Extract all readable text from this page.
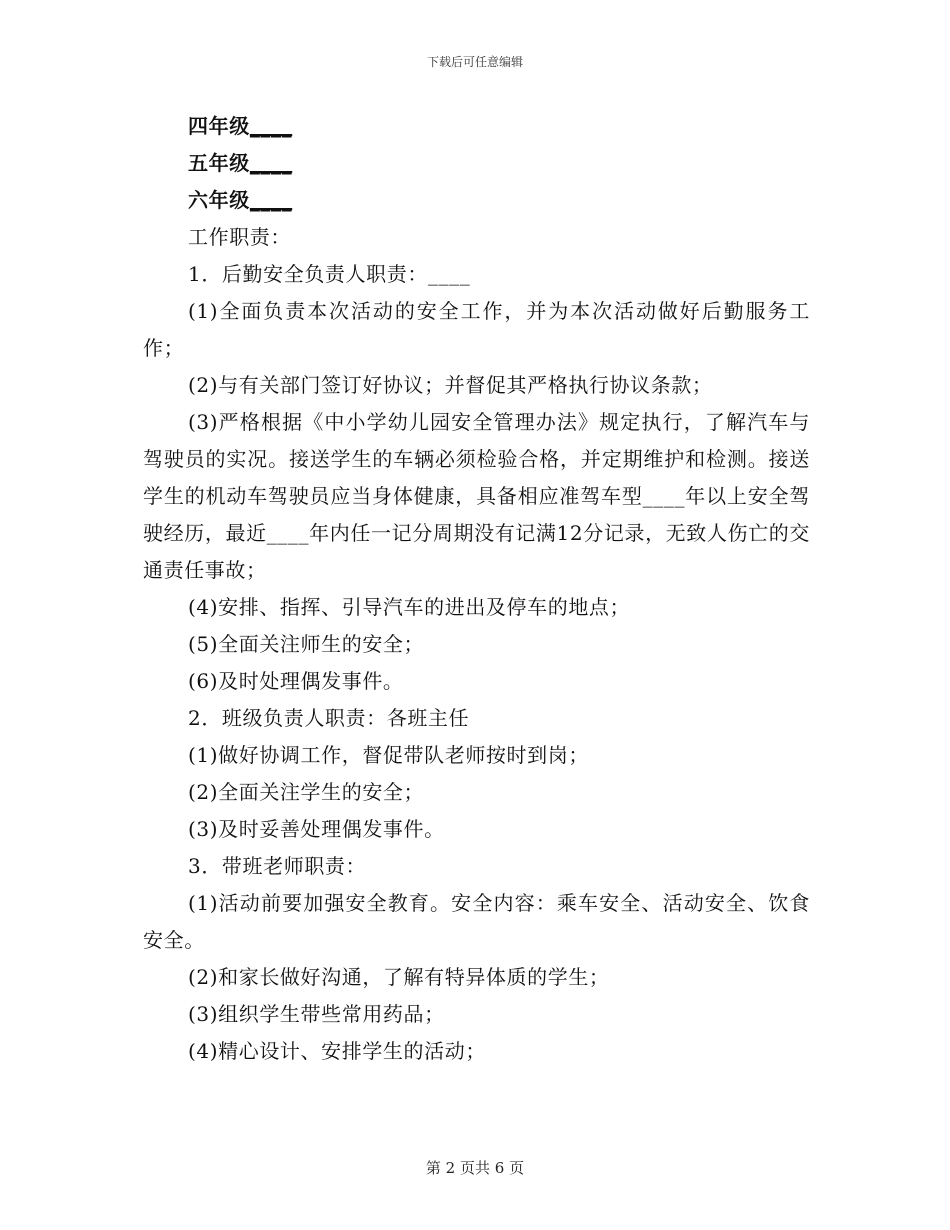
下载后可任意编辑

四年级____

五年级____

六年级____

工作职责：

1．后勤安全负责人职责：____

(1)全面负责本次活动的安全工作，并为本次活动做好后勤服务工作；

(2)与有关部门签订好协议；并督促其严格执行协议条款；

(3)严格根据《中小学幼儿园安全管理办法》规定执行，了解汽车与驾驶员的实况。接送学生的车辆必须检验合格，并定期维护和检测。接送学生的机动车驾驶员应当身体健康，具备相应准驾车型____年以上安全驾驶经历，最近____年内任一记分周期没有记满12分记录，无致人伤亡的交通责任事故；

(4)安排、指挥、引导汽车的进出及停车的地点；

(5)全面关注师生的安全；

(6)及时处理偶发事件。

2．班级负责人职责：各班主任

(1)做好协调工作，督促带队老师按时到岗；

(2)全面关注学生的安全；

(3)及时妥善处理偶发事件。

3．带班老师职责：

(1)活动前要加强安全教育。安全内容：乘车安全、活动安全、饮食安全。

(2)和家长做好沟通，了解有特异体质的学生；

(3)组织学生带些常用药品；

(4)精心设计、安排学生的活动；

第 2 页共 6 页
